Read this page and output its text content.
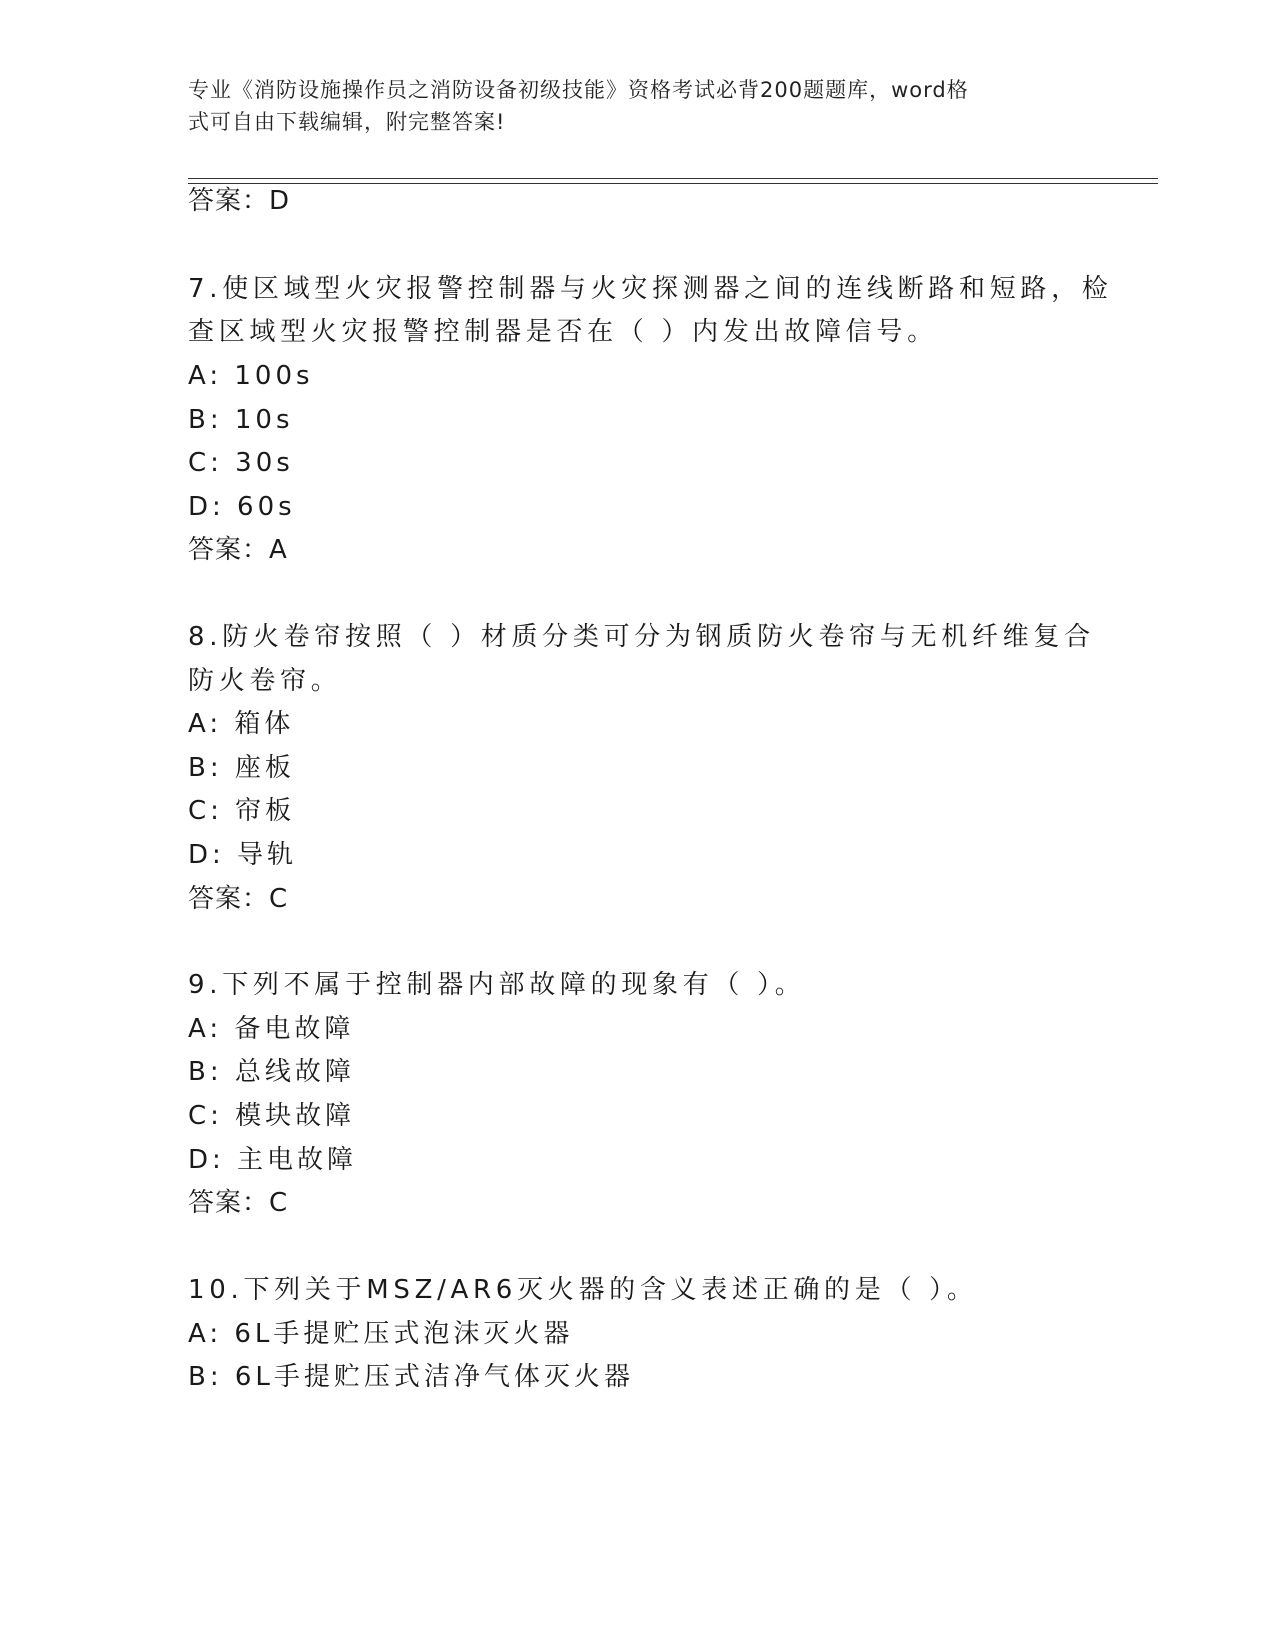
专业《消防设施操作员之消防设备初级技能》资格考试必背200题题库，word格
式可自由下载编辑，附完整答案!
答案：D
7.使区域型火灾报警控制器与火灾探测器之间的连线断路和短路，检
查区域型火灾报警控制器是否在（ ）内发出故障信号。
A: 100s
B: 10s
C: 30s
D: 60s
答案：A
8.防火卷帘按照（ ）材质分类可分为钢质防火卷帘与无机纤维复合
防火卷帘。
A: 箱体
B: 座板
C: 帘板
D: 导轨
答案：C
9.下列不属于控制器内部故障的现象有（ ）。
A: 备电故障
B: 总线故障
C: 模块故障
D: 主电故障
答案：C
10.下列关于MSZ/AR6灭火器的含义表述正确的是（ ）。
A: 6L手提贮压式泡沫灭火器
B: 6L手提贮压式洁净气体灭火器
